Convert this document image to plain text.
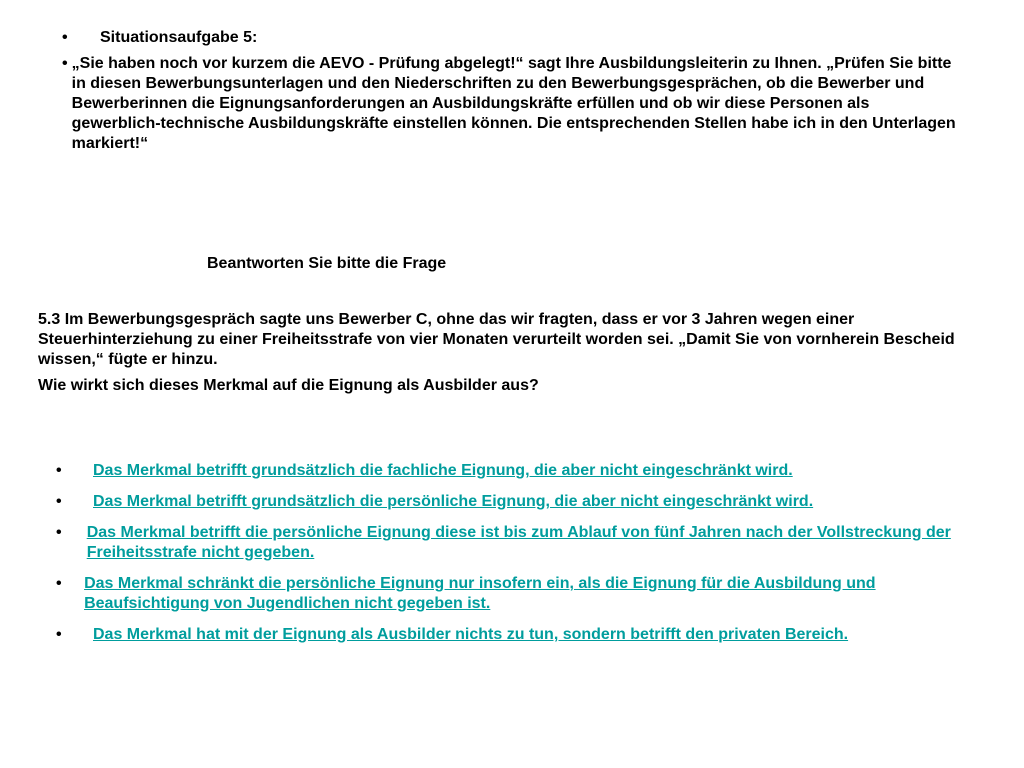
•	Situationsaufgabe 5:
• „Sie haben noch vor kurzem die AEVO - Prüfung abgelegt!“ sagt Ihre Ausbildungsleiterin zu Ihnen. „Prüfen Sie bitte in diesen Bewerbungsunterlagen und den Niederschriften zu den Bewerbungsgesprächen, ob die Bewerber und Bewerberinnen die Eignungsanforderungen an Ausbildungskräfte erfüllen und ob wir diese Personen als gewerblich-technische Ausbildungskräfte einstellen können. Die entsprechenden Stellen habe ich in den Unterlagen markiert!“
Beantworten Sie bitte die Frage

5.3 Im Bewerbungsgespräch sagte uns Bewerber C, ohne das wir fragten, dass er vor 3 Jahren wegen einer Steuerhinterziehung zu einer Freiheitsstrafe von vier Monaten verurteilt worden sei. „Damit Sie von vornherein Bescheid wissen,“ fügte er hinzu.

Wie wirkt sich dieses Merkmal auf die Eignung als Ausbilder aus?

•	Das Merkmal betrifft grundsätzlich die fachliche Eignung, die aber nicht eingeschränkt wird.
•	Das Merkmal betrifft grundsätzlich die persönliche Eignung, die aber nicht eingeschränkt wird.
•	Das Merkmal betrifft die persönliche Eignung diese ist bis zum Ablauf von fünf Jahren nach der Vollstreckung der Freiheitsstrafe nicht gegeben.
•	Das Merkmal schränkt die persönliche Eignung nur insofern ein, als die Eignung für die Ausbildung und Beaufsichtigung von Jugendlichen nicht gegeben ist.
•	Das Merkmal hat mit der Eignung als Ausbilder nichts zu tun, sondern betrifft den privaten Bereich.
